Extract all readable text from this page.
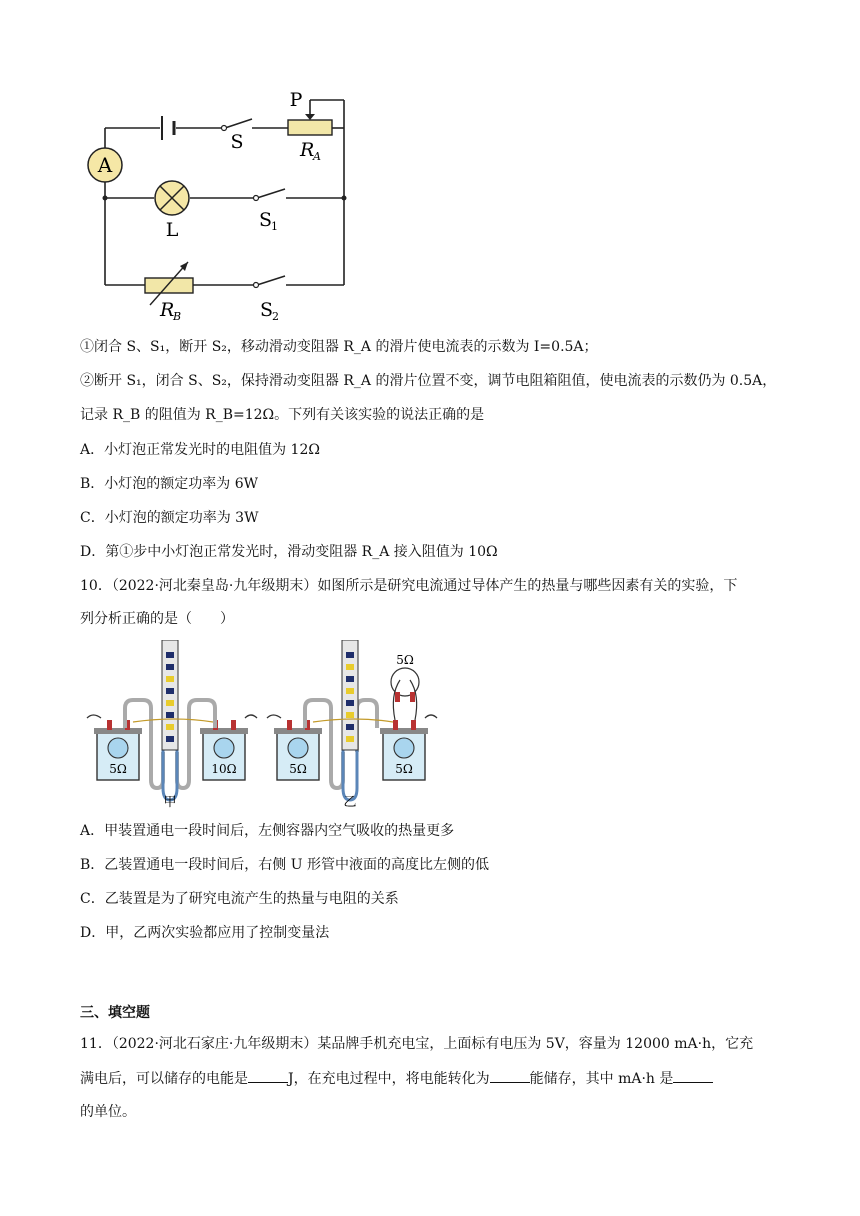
A
L
S
P
R
A
S
1
S
2
R
B
①闭合 S、S₁，断开 S₂，移动滑动变阻器 R_A 的滑片使电流表的示数为 I=0.5A；
②断开 S₁，闭合 S、S₂，保持滑动变阻器 R_A 的滑片位置不变，调节电阻箱阻值，使电流表的示数仍为 0.5A，
记录 R_B 的阻值为 R_B=12Ω。下列有关该实验的说法正确的是
A．小灯泡正常发光时的电阻值为 12Ω
B．小灯泡的额定功率为 6W
C．小灯泡的额定功率为 3W
D．第①步中小灯泡正常发光时，滑动变阻器 R_A 接入阻值为 10Ω
10．（2022·河北秦皇岛·九年级期末）如图所示是研究电流通过导体产生的热量与哪些因素有关的实验，下
列分析正确的是（　　）
5Ω	10Ω
甲
5Ω
5Ω	5Ω
乙
A．甲装置通电一段时间后，左侧容器内空气吸收的热量更多
B．乙装置通电一段时间后，右侧 U 形管中液面的高度比左侧的低
C．乙装置是为了研究电流产生的热量与电阻的关系
D．甲，乙两次实验都应用了控制变量法
三、填空题
11．（2022·河北石家庄·九年级期末）某品牌手机充电宝，上面标有电压为 5V，容量为 12000 mA·h，它充
满电后，可以储存的电能是	J，在充电过程中，将电能转化为	能储存，其中 mA·h 是
的单位。
